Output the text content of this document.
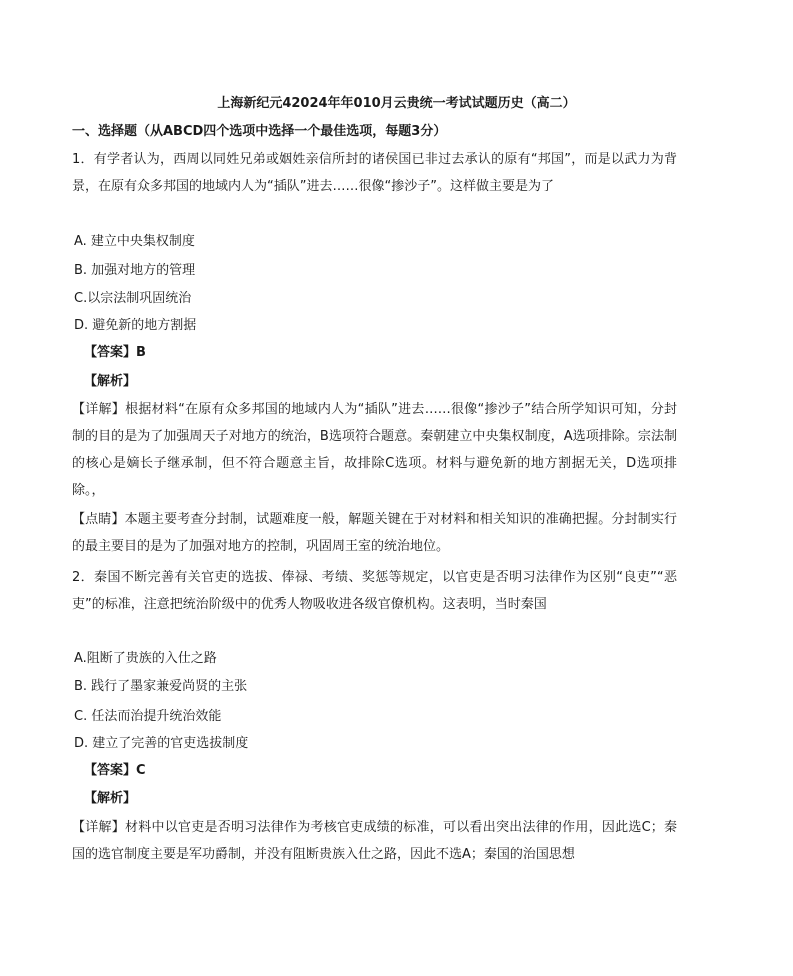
上海新纪元42024年年010月云贵统一考试试题历史（高二）
一、选择题（从ABCD四个选项中选择一个最佳选项，每题3分）
1．有学者认为，西周以同姓兄弟或姻姓亲信所封的诸侯国已非过去承认的原有“邦国”，而是以武力为背景，在原有众多邦国的地域内人为“插队”进去……很像“掺沙子”。这样做主要是为了
A. 建立中央集权制度
B. 加强对地方的管理
C.以宗法制巩固统治
D. 避免新的地方割据
【答案】B
【解析】
【详解】根据材料“在原有众多邦国的地域内人为“插队”进去……很像“掺沙子”结合所学知识可知，分封制的目的是为了加强周天子对地方的统治，B选项符合题意。秦朝建立中央集权制度，A选项排除。宗法制的核心是嫡长子继承制，但不符合题意主旨，故排除C选项。材料与避免新的地方割据无关，D选项排除。，
【点睛】本题主要考查分封制，试题难度一般，解题关键在于对材料和相关知识的准确把握。分封制实行的最主要目的是为了加强对地方的控制，巩固周王室的统治地位。
2．秦国不断完善有关官吏的选拔、俸禄、考绩、奖惩等规定，以官吏是否明习法律作为区别“良吏”“恶吏”的标准，注意把统治阶级中的优秀人物吸收进各级官僚机构。这表明，当时秦国
A.阻断了贵族的入仕之路
B. 践行了墨家兼爱尚贤的主张
C. 任法而治提升统治效能
D. 建立了完善的官吏选拔制度
【答案】C
【解析】
【详解】材料中以官吏是否明习法律作为考核官吏成绩的标准，可以看出突出法律的作用，因此选C；秦国的选官制度主要是军功爵制，并没有阻断贵族入仕之路，因此不选A；秦国的治国思想
